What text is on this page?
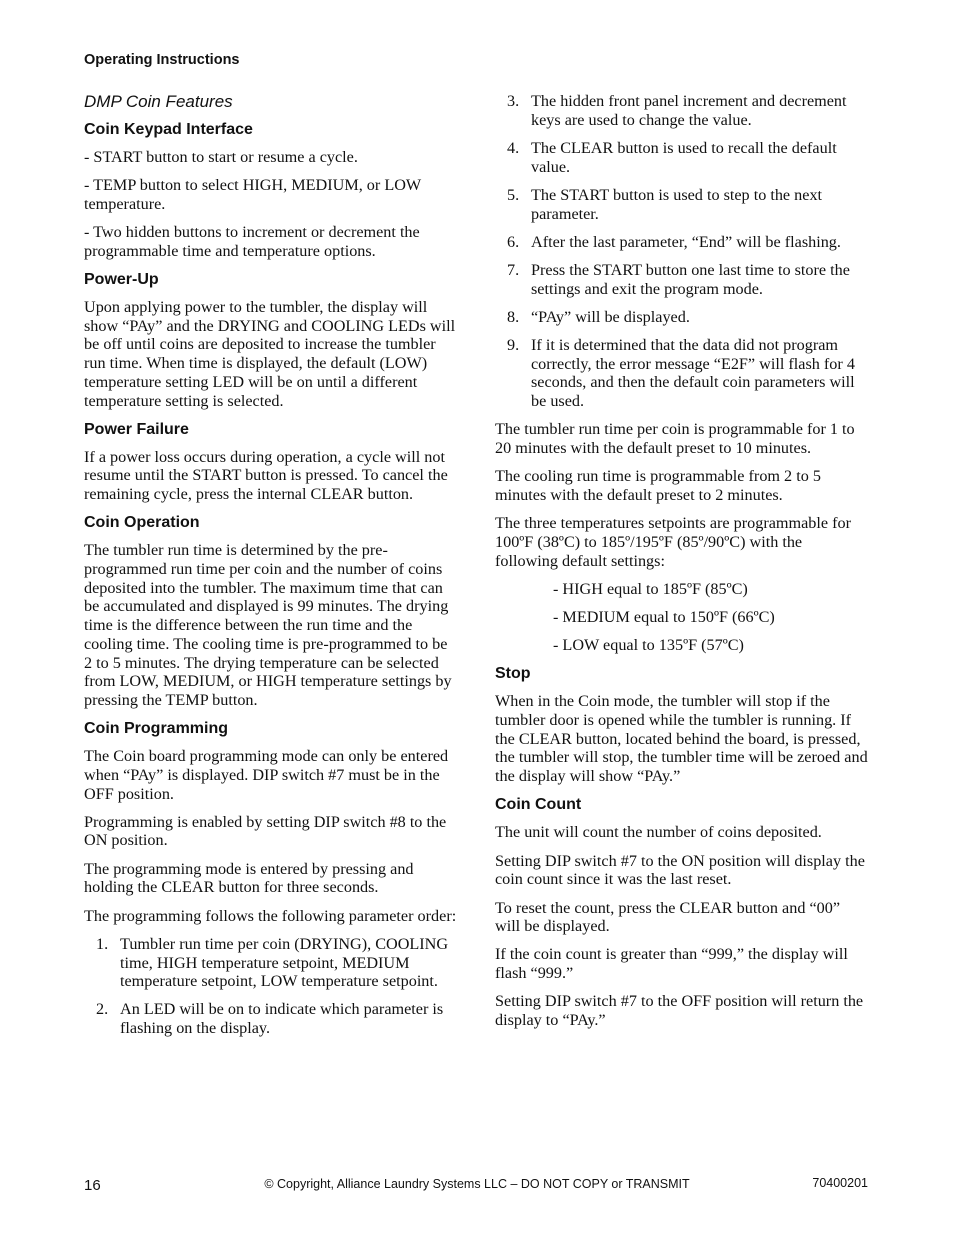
Operating Instructions
DMP Coin Features
Coin Keypad Interface
- START button to start or resume a cycle.
- TEMP button to select HIGH, MEDIUM, or LOW temperature.
- Two hidden buttons to increment or decrement the programmable time and temperature options.
Power-Up
Upon applying power to the tumbler, the display will show “PAy” and the DRYING and COOLING LEDs will be off until coins are deposited to increase the tumbler run time. When time is displayed, the default (LOW) temperature setting LED will be on until a different temperature setting is selected.
Power Failure
If a power loss occurs during operation, a cycle will not resume until the START button is pressed. To cancel the remaining cycle, press the internal CLEAR button.
Coin Operation
The tumbler run time is determined by the pre-programmed run time per coin and the number of coins deposited into the tumbler. The maximum time that can be accumulated and displayed is 99 minutes. The drying time is the difference between the run time and the cooling time. The cooling time is pre-programmed to be 2 to 5 minutes. The drying temperature can be selected from LOW, MEDIUM, or HIGH temperature settings by pressing the TEMP button.
Coin Programming
The Coin board programming mode can only be entered when “PAy” is displayed. DIP switch #7 must be in the OFF position.
Programming is enabled by setting DIP switch #8 to the ON position.
The programming mode is entered by pressing and holding the CLEAR button for three seconds.
The programming follows the following parameter order:
1. Tumbler run time per coin (DRYING), COOLING time, HIGH temperature setpoint, MEDIUM temperature setpoint, LOW temperature setpoint.
2. An LED will be on to indicate which parameter is flashing on the display.
3. The hidden front panel increment and decrement keys are used to change the value.
4. The CLEAR button is used to recall the default value.
5. The START button is used to step to the next parameter.
6. After the last parameter, “End” will be flashing.
7. Press the START button one last time to store the settings and exit the program mode.
8. “PAy” will be displayed.
9. If it is determined that the data did not program correctly, the error message “E2F” will flash for 4 seconds, and then the default coin parameters will be used.
The tumbler run time per coin is programmable for 1 to 20 minutes with the default preset to 10 minutes.
The cooling run time is programmable from 2 to 5 minutes with the default preset to 2 minutes.
The three temperatures setpoints are programmable for 100ºF (38ºC) to 185º/195ºF (85º/90ºC) with the following default settings:
- HIGH equal to 185ºF (85ºC)
- MEDIUM equal to 150ºF (66ºC)
- LOW equal to 135ºF (57ºC)
Stop
When in the Coin mode, the tumbler will stop if the tumbler door is opened while the tumbler is running. If the CLEAR button, located behind the board, is pressed, the tumbler will stop, the tumbler time will be zeroed and the display will show “PAy.”
Coin Count
The unit will count the number of coins deposited.
Setting DIP switch #7 to the ON position will display the coin count since it was the last reset.
To reset the count, press the CLEAR button and “00” will be displayed.
If the coin count is greater than “999,” the display will flash “999.”
Setting DIP switch #7 to the OFF position will return the display to “PAy.”
16	© Copyright, Alliance Laundry Systems LLC – DO NOT COPY or TRANSMIT	70400201
